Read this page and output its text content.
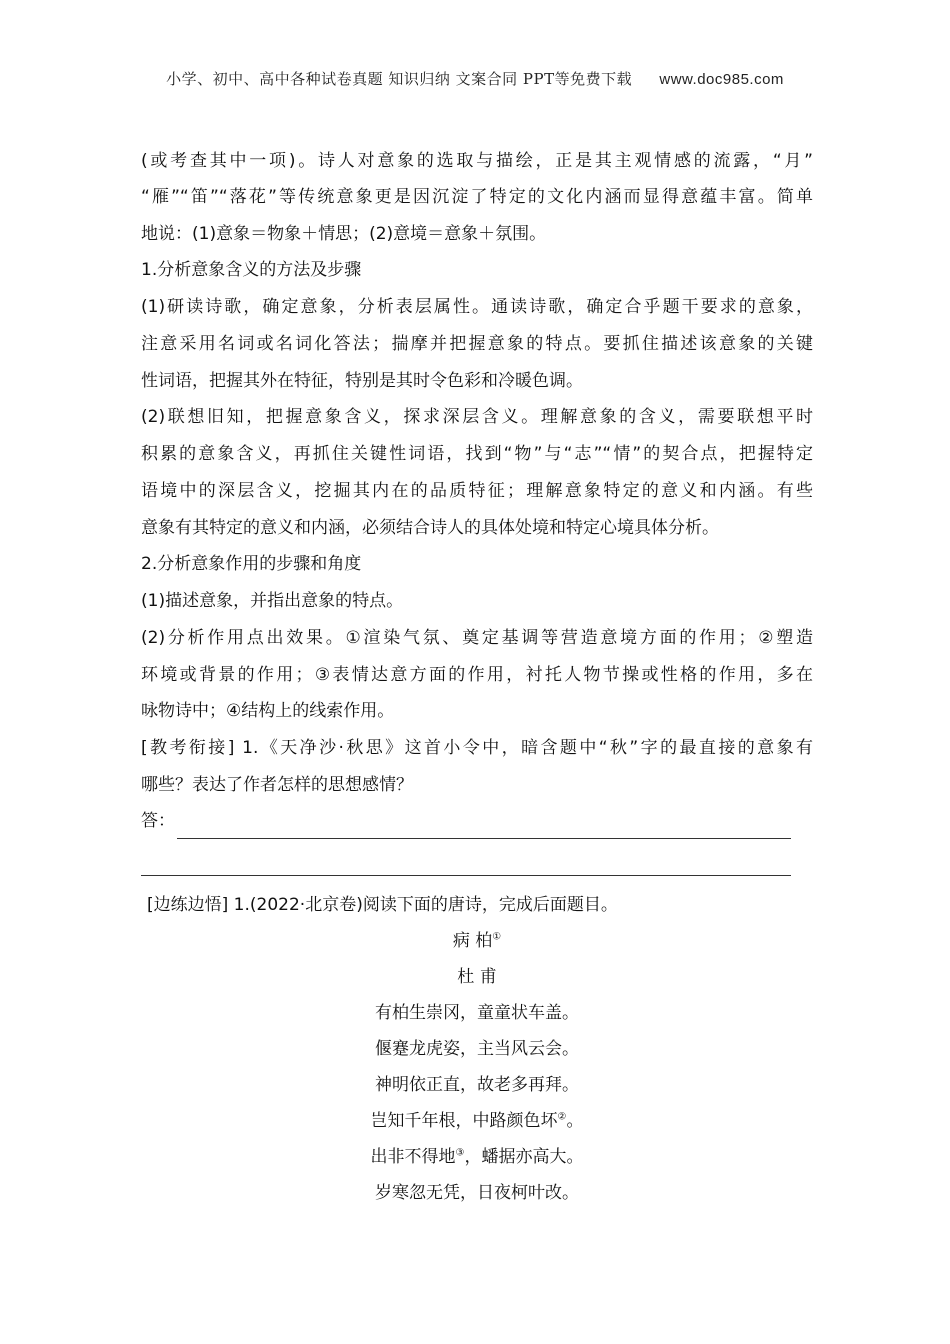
小学、初中、高中各种试卷真题 知识归纳 文案合同 PPT等免费下载 www.doc985.com
(或考查其中一项)。诗人对意象的选取与描绘，正是其主观情感的流露，“月”
“雁”“笛”“落花”等传统意象更是因沉淀了特定的文化内涵而显得意蕴丰富。简单
地说：(1)意象＝物象＋情思；(2)意境＝意象＋氛围。
1.分析意象含义的方法及步骤
(1)研读诗歌，确定意象，分析表层属性。通读诗歌，确定合乎题干要求的意象，
注意采用名词或名词化答法；揣摩并把握意象的特点。要抓住描述该意象的关键
性词语，把握其外在特征，特别是其时令色彩和冷暖色调。
(2)联想旧知，把握意象含义，探求深层含义。理解意象的含义，需要联想平时
积累的意象含义，再抓住关键性词语，找到“物”与“志”“情”的契合点，把握特定
语境中的深层含义，挖掘其内在的品质特征；理解意象特定的意义和内涵。有些
意象有其特定的意义和内涵，必须结合诗人的具体处境和特定心境具体分析。
2.分析意象作用的步骤和角度
(1)描述意象，并指出意象的特点。
(2)分析作用点出效果。①渲染气氛、奠定基调等营造意境方面的作用；②塑造
环境或背景的作用；③表情达意方面的作用，衬托人物节操或性格的作用，多在
咏物诗中；④结构上的线索作用。
[教考衔接] 1.《天净沙·秋思》这首小令中，暗含题中“秋”字的最直接的意象有
哪些？表达了作者怎样的思想感情？
答：
[边练边悟] 1.(2022·北京卷)阅读下面的唐诗，完成后面题目。
病 柏①
杜 甫
有柏生崇冈，童童状车盖。
偃蹇龙虎姿，主当风云会。
神明依正直，故老多再拜。
岂知千年根，中路颜色坏②。
出非不得地③，蟠据亦高大。
岁寒忽无凭，日夜柯叶改。
